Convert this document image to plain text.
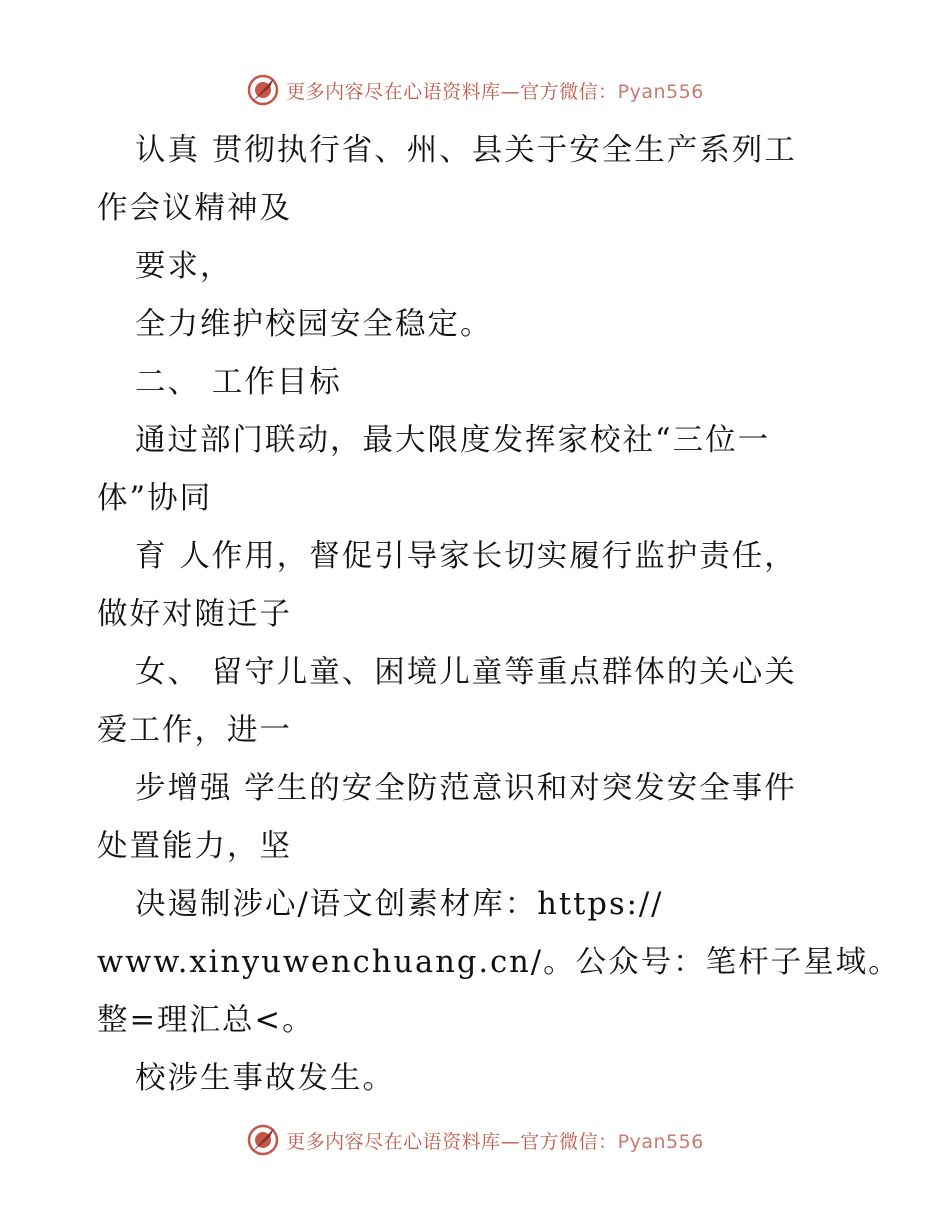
更多内容尽在心语资料库—官方微信：Pyan556
认真 贯彻执行省、州、县关于安全生产系列工
作会议精神及
要求，
全力维护校园安全稳定。
二、 工作目标
通过部门联动，最大限度发挥家校社“三位一
体”协同
育 人作用，督促引导家长切实履行监护责任，
做好对随迁子
女、 留守儿童、困境儿童等重点群体的关心关
爱工作，进一
步增强 学生的安全防范意识和对突发安全事件
处置能力，坚
决遏制涉心/语文创素材库：https://
www.xinyuwenchuang.cn/。公众号：笔杆子星域。
整=理汇总<。
校涉生事故发生。
更多内容尽在心语资料库—官方微信：Pyan556
